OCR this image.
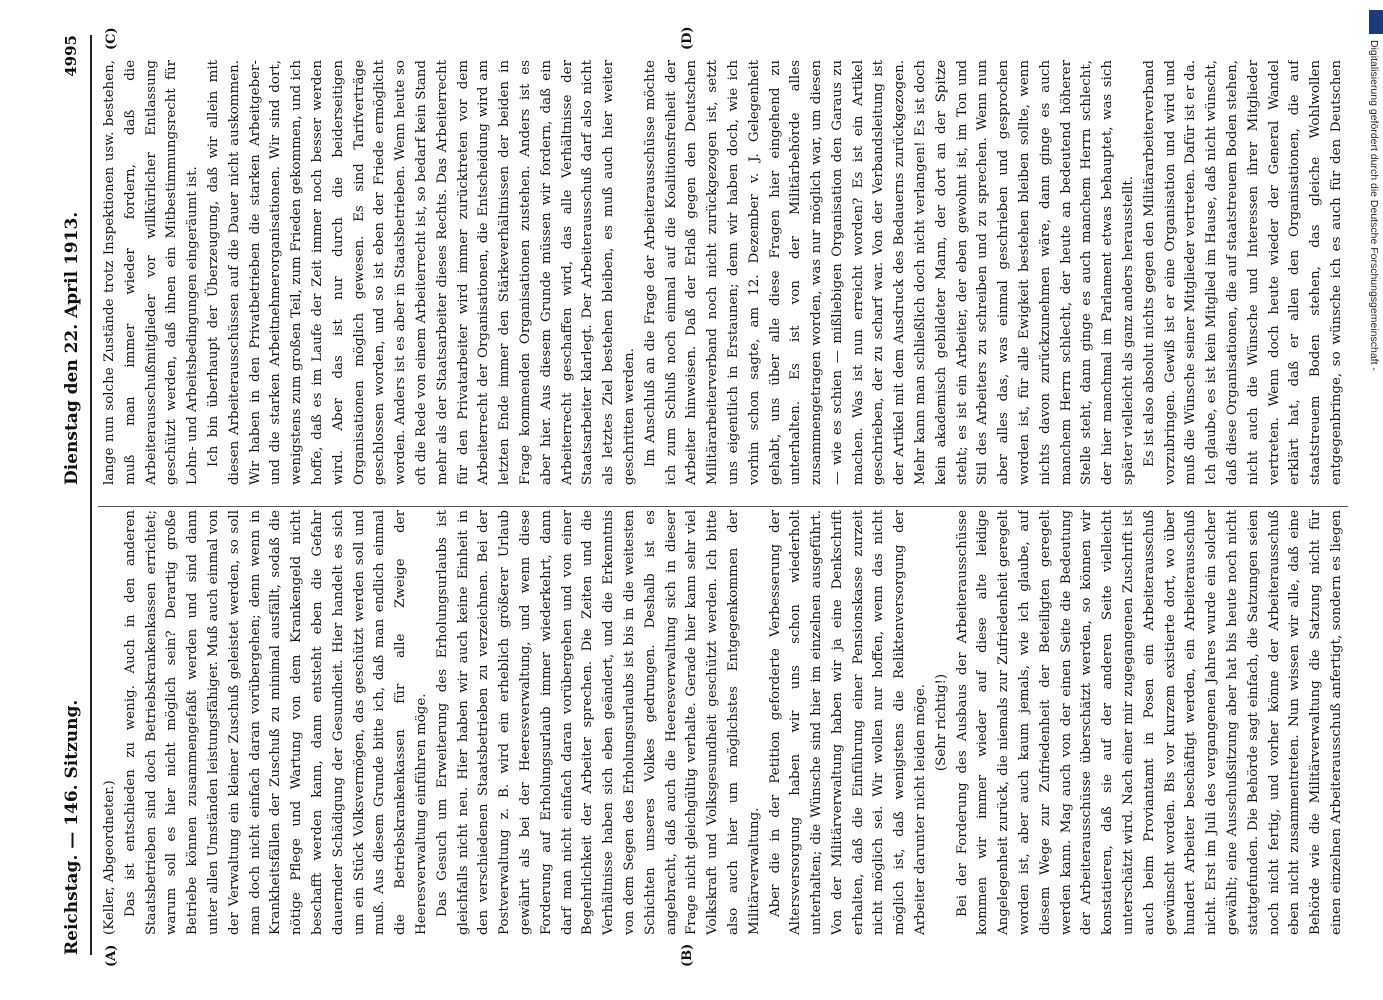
Reichstag. — 146. Sitzung.
4995
Dienstag den 22. April 1913.
(A)	(B)
(C)	(D)

(Keller, Abgeordneter.) Das ist entschieden zu wenig. Auch in den anderen Staatsbetrieben sind doch Betriebskrankenkassen errichtet; warum soll es hier nicht möglich sein? Derartig große Betriebe können zusammengefaßt werden und sind dann unter allen Umständen leistungsfähiger. Muß auch einmal von der Verwaltung ein kleiner Zuschuß geleistet werden, so soll man doch nicht einfach daran vorübergehen; denn wenn in Krankheitsfällen der Zuschuß zu minimal ausfällt, sodaß die nötige Pflege und Wartung von dem Krankengeld nicht beschafft werden kann, dann entsteht eben die Gefahr dauernder Schädigung der Gesundheit. Hier handelt es sich um ein Stück Volksvermögen, das geschützt werden soll und muß. Aus diesem Grunde bitte ich, daß man endlich einmal die Betriebskrankenkassen für alle Zweige der Heeresverwaltung einführen möge. Das Gesuch um Erweiterung des Erholungsurlaubs ist gleichfalls nicht neu. Hier haben wir auch keine Einheit in den verschiedenen Staatsbetrieben zu verzeichnen. Bei der Postverwaltung z. B. wird ein erheblich größerer Urlaub gewährt als bei der Heeresverwaltung, und wenn diese Forderung auf Erholungsurlaub immer wiederkehrt, dann darf man nicht einfach daran vorübergehen und von einer Begehrlichkeit der Arbeiter sprechen. Die Zeiten und die Verhältnisse haben sich eben geändert, und die Erkenntnis von dem Segen des Erholungsurlaubs ist bis in die weitesten Schichten unseres Volkes gedrungen. Deshalb ist es angebracht, daß auch die Heeresverwaltung sich in dieser Frage nicht gleichgültig verhalte. Gerade hier kann sehr viel Volkskraft und Volksgesundheit geschützt werden. Ich bitte also auch hier um möglichstes Entgegenkommen der Militärverwaltung. Aber die in der Petition geforderte Verbesserung der Altersversorgung haben wir uns schon wiederholt unterhalten; die Wünsche sind hier im einzelnen ausgeführt. Von der Militärverwaltung haben wir ja eine Denkschrift erhalten, daß die Einführung einer Pensionskasse zurzeit nicht möglich sei. Wir wollen nur hoffen, wenn das nicht möglich ist, daß wenigstens die Reliktenversorgung der Arbeiter darunter nicht leiden möge. (Sehr richtig!)

Bei der Forderung des Ausbaus der Arbeiterausschüsse kommen wir immer wieder auf diese alte leidige Angelegenheit zurück, die niemals zur Zufriedenheit geregelt worden ist, aber auch kaum jemals, wie ich glaube, auf diesem Wege zur Zufriedenheit der Beteiligten geregelt werden kann. Mag auch von der einen Seite die Bedeutung der Arbeiterausschüsse überschätzt werden, so können wir konstatieren, daß sie auf der anderen Seite vielleicht unterschätzt wird. Nach einer mir zugegangenen Zuschrift ist auch beim Proviantamt in Posen ein Arbeiterausschuß gewünscht worden. Bis vor kurzem existierte dort, wo über hundert Arbeiter beschäftigt werden, ein Arbeiterausschuß nicht. Erst im Juli des vergangenen Jahres wurde ein solcher gewählt; eine Ausschußsitzung aber hat bis heute noch nicht stattgefunden. Die Behörde sagt einfach, die Satzungen seien noch nicht fertig, und vorher könne der Arbeiterausschuß eben nicht zusammentreten. Nun wissen wir alle, daß eine Behörde wie die Militärverwaltung die Satzung nicht für einen einzelnen Arbeiterausschuß anfertigt, sondern es liegen

lange nun solche Zustände trotz Inspektionen usw. bestehen, muß man immer wieder fordern, daß die Arbeiterausschußmitglieder vor willkürlicher Entlassung geschützt werden, daß ihnen ein Mitbestimmungsrecht für Lohn- und Arbeitsbedingungen eingeräumt ist. Ich bin überhaupt der Überzeugung, daß wir allein mit diesen Arbeiterausschüssen auf die Dauer nicht auskommen. Wir haben in den Privatbetrieben die starken Arbeitgeber- und die starken Arbeitnehmerorganisationen. Wir sind dort, wenigstens zum großen Teil, zum Frieden gekommen, und ich hoffe, daß es im Laufe der Zeit immer noch besser werden wird. Aber das ist nur durch die beiderseitigen Organisationen möglich gewesen. Es sind Tarifverträge geschlossen worden, und so ist eben der Friede ermöglicht worden. Anders ist es aber in Staatsbetrieben. Wenn heute so oft die Rede von einem Arbeiterrecht ist, so bedarf kein Stand mehr als der Staatsarbeiter dieses Rechts. Das Arbeiterrecht für den Privatarbeiter wird immer zurücktreten vor dem Arbeiterrecht der Organisationen, die Entscheidung wird am letzten Ende immer den Stärkeverhältnissen der beiden in Frage kommenden Organisationen zustehen. Anders ist es aber hier. Aus diesem Grunde müssen wir fordern, daß ein Arbeiterrecht geschaffen wird, das alle Verhältnisse der Staatsarbeiter klarlegt. Der Arbeiterausschuß darf also nicht als letztes Ziel bestehen bleiben, es muß auch hier weiter geschritten werden. Im Anschluß an die Frage der Arbeiterausschüsse möchte ich zum Schluß noch einmal auf die Koalitionsfreiheit der Arbeiter hinweisen. Daß der Erlaß gegen den Deutschen Militärarbeiterverband noch nicht zurückgezogen ist, setzt uns eigentlich in Erstaunen; denn wir haben doch, wie ich vorhin schon sagte, am 12. Dezember v. J. Gelegenheit gehabt, uns über alle diese Fragen hier eingehend zu unterhalten. Es ist von der Militärbehörde alles zusammengetragen worden, was nur möglich war, um diesen — wie es schien — mißliebigen Organisation den Garaus zu machen. Was ist nun erreicht worden? Es ist ein Artikel geschrieben, der zu scharf war. Von der Verbandsleitung ist der Artikel mit dem Ausdruck des Bedauerns zurückgezogen. Mehr kann man schließlich doch nicht verlangen! Es ist doch kein akademisch gebildeter Mann, der dort an der Spitze steht; es ist ein Arbeiter, der eben gewohnt ist, im Ton und Stil des Arbeiters zu schreiben und zu sprechen. Wenn nun aber alles das, was einmal geschrieben und gesprochen worden ist, für alle Ewigkeit bestehen bleiben sollte, wenn nichts davon zurückzunehmen wäre, dann ginge es auch manchem Herrn schlecht, der heute an bedeutend höherer Stelle steht, dann ginge es auch manchem Herrn schlecht, der hier manchmal im Parlament etwas behauptet, was sich später vielleicht als ganz anders herausstellt. Es ist also absolut nichts gegen den Militärarbeiterverband vorzubringen. Gewiß ist er eine Organisation und wird und muß die Wünsche seiner Mitglieder vertreten. Dafür ist er da. Ich glaube, es ist kein Mitglied im Hause, daß nicht wünscht, daß diese Organisationen, die auf staatstreuem Boden stehen, nicht auch die Wünsche und Interessen ihrer Mitglieder vertreten. Wenn doch heute wieder der General Wandel erklärt hat, daß er allen den Organisationen, die auf staatstreuem Boden stehen, das gleiche Wohlwollen entgegenbringe, so wünsche ich es auch für den Deutschen	Digitalisierung gefördert durch die Deutsche Forschungsgemeinschaft -
